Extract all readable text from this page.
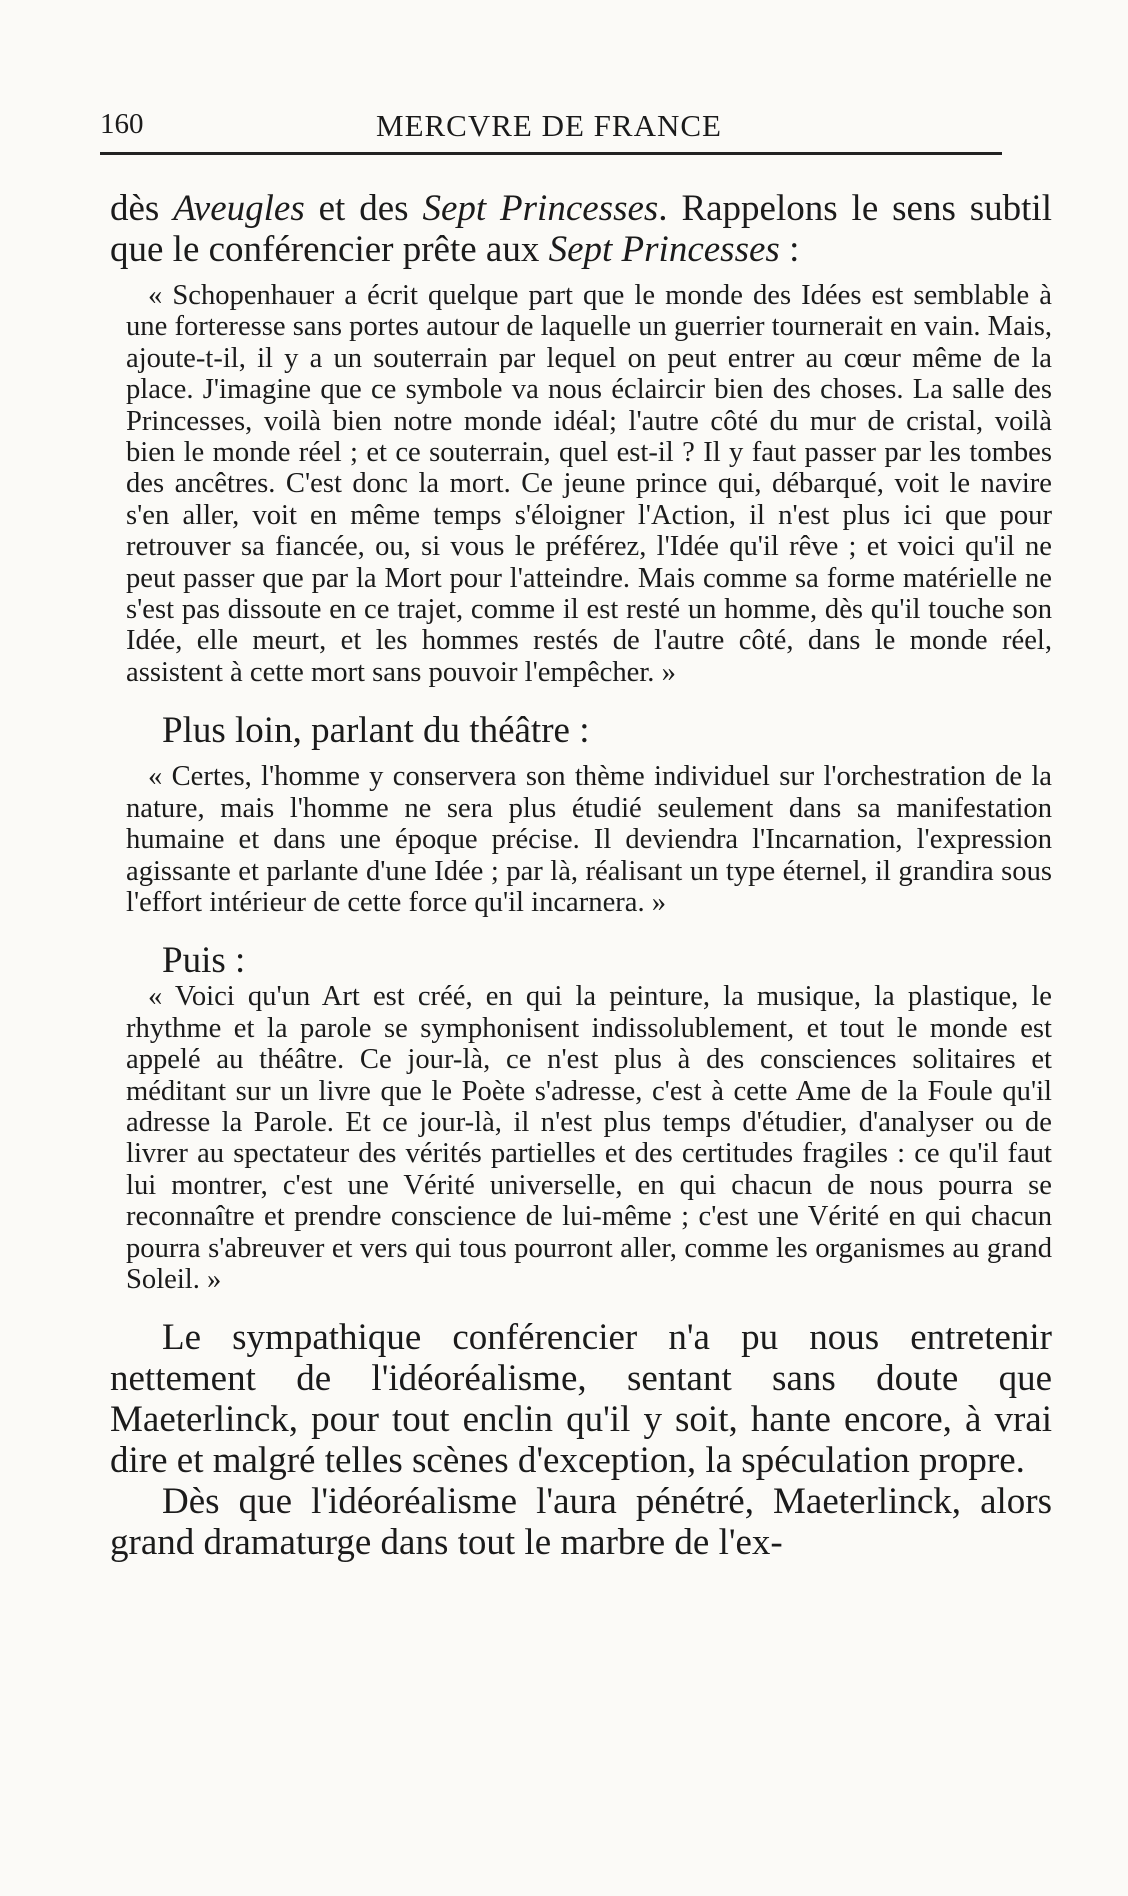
160	MERCVRE DE FRANCE

dès Aveugles et des Sept Princesses. Rappelons le sens subtil que le conférencier prête aux Sept Princesses :

« Schopenhauer a écrit quelque part que le monde des Idées est semblable à une forteresse sans portes autour de laquelle un guerrier tournerait en vain. Mais, ajoute-t-il, il y a un souterrain par lequel on peut entrer au cœur même de la place. J'imagine que ce symbole va nous éclaircir bien des choses. La salle des Princesses, voilà bien notre monde idéal; l'autre côté du mur de cristal, voilà bien le monde réel ; et ce souterrain, quel est-il ? Il y faut passer par les tombes des ancêtres. C'est donc la mort. Ce jeune prince qui, débarqué, voit le navire s'en aller, voit en même temps s'éloigner l'Action, il n'est plus ici que pour retrouver sa fiancée, ou, si vous le préférez, l'Idée qu'il rêve ; et voici qu'il ne peut passer que par la Mort pour l'atteindre. Mais comme sa forme matérielle ne s'est pas dissoute en ce trajet, comme il est resté un homme, dès qu'il touche son Idée, elle meurt, et les hommes restés de l'autre côté, dans le monde réel, assistent à cette mort sans pouvoir l'empêcher. »

Plus loin, parlant du théâtre :

« Certes, l'homme y conservera son thème individuel sur l'orchestration de la nature, mais l'homme ne sera plus étudié seulement dans sa manifestation humaine et dans une époque précise. Il deviendra l'Incarnation, l'expression agissante et parlante d'une Idée ; par là, réalisant un type éternel, il grandira sous l'effort intérieur de cette force qu'il incarnera. »

Puis :

« Voici qu'un Art est créé, en qui la peinture, la musique, la plastique, le rhythme et la parole se symphonisent indissolublement, et tout le monde est appelé au théâtre. Ce jour-là, ce n'est plus à des consciences solitaires et méditant sur un livre que le Poète s'adresse, c'est à cette Ame de la Foule qu'il adresse la Parole. Et ce jour-là, il n'est plus temps d'étudier, d'analyser ou de livrer au spectateur des vérités partielles et des certitudes fragiles : ce qu'il faut lui montrer, c'est une Vérité universelle, en qui chacun de nous pourra se reconnaître et prendre conscience de lui-même ; c'est une Vérité en qui chacun pourra s'abreuver et vers qui tous pourront aller, comme les organismes au grand Soleil. »

Le sympathique conférencier n'a pu nous entretenir nettement de l'idéoréalisme, sentant sans doute que Maeterlinck, pour tout enclin qu'il y soit, hante encore, à vrai dire et malgré telles scènes d'exception, la spéculation propre.

Dès que l'idéoréalisme l'aura pénétré, Maeterlinck, alors grand dramaturge dans tout le marbre de l'ex-
